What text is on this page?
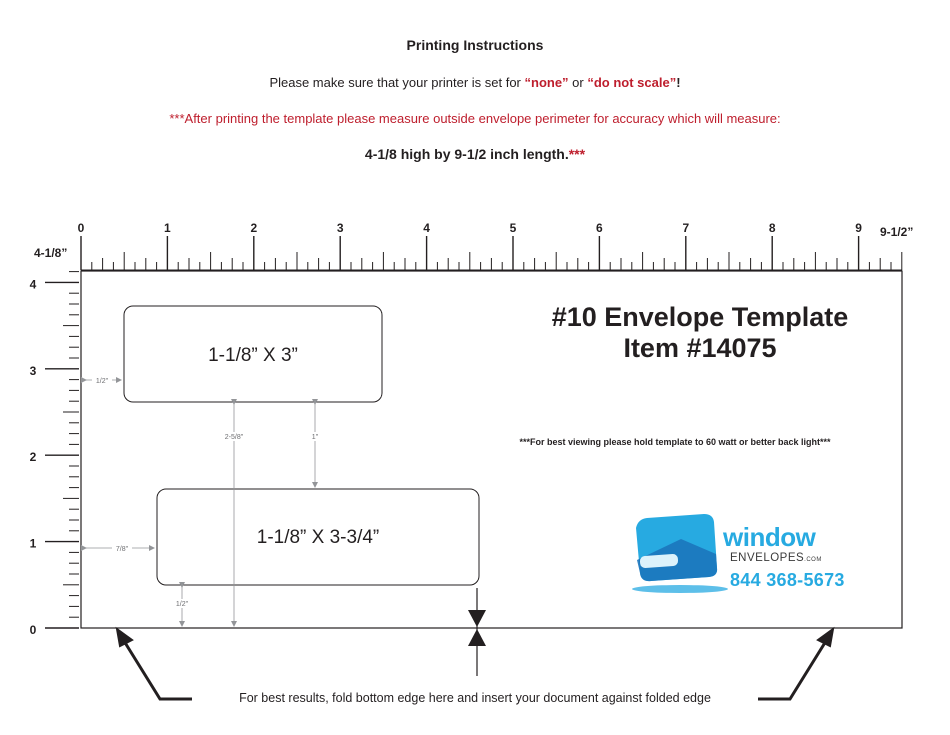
Printing Instructions
Please make sure that your printer is set for “none” or “do not scale”!
***After printing the template please measure outside envelope perimeter for accuracy which will measure:
4-1/8 high by 9-1/2 inch length.***
0	1	2	3	4	5	6	7	8	9 9-1/2”
0
1
2
3
4
4-1/8”
1-1/8” X 3”
1-1/8” X 3-3/4”
1/2"
7/8"
2-5/8"	1"
1/2"
#10 Envelope Template
Item #14075
***For best viewing please hold template to 60 watt or better back light***
window
ENVELOPES.COM
844 368-5673
For best results, fold bottom edge here and insert your document against folded edge
